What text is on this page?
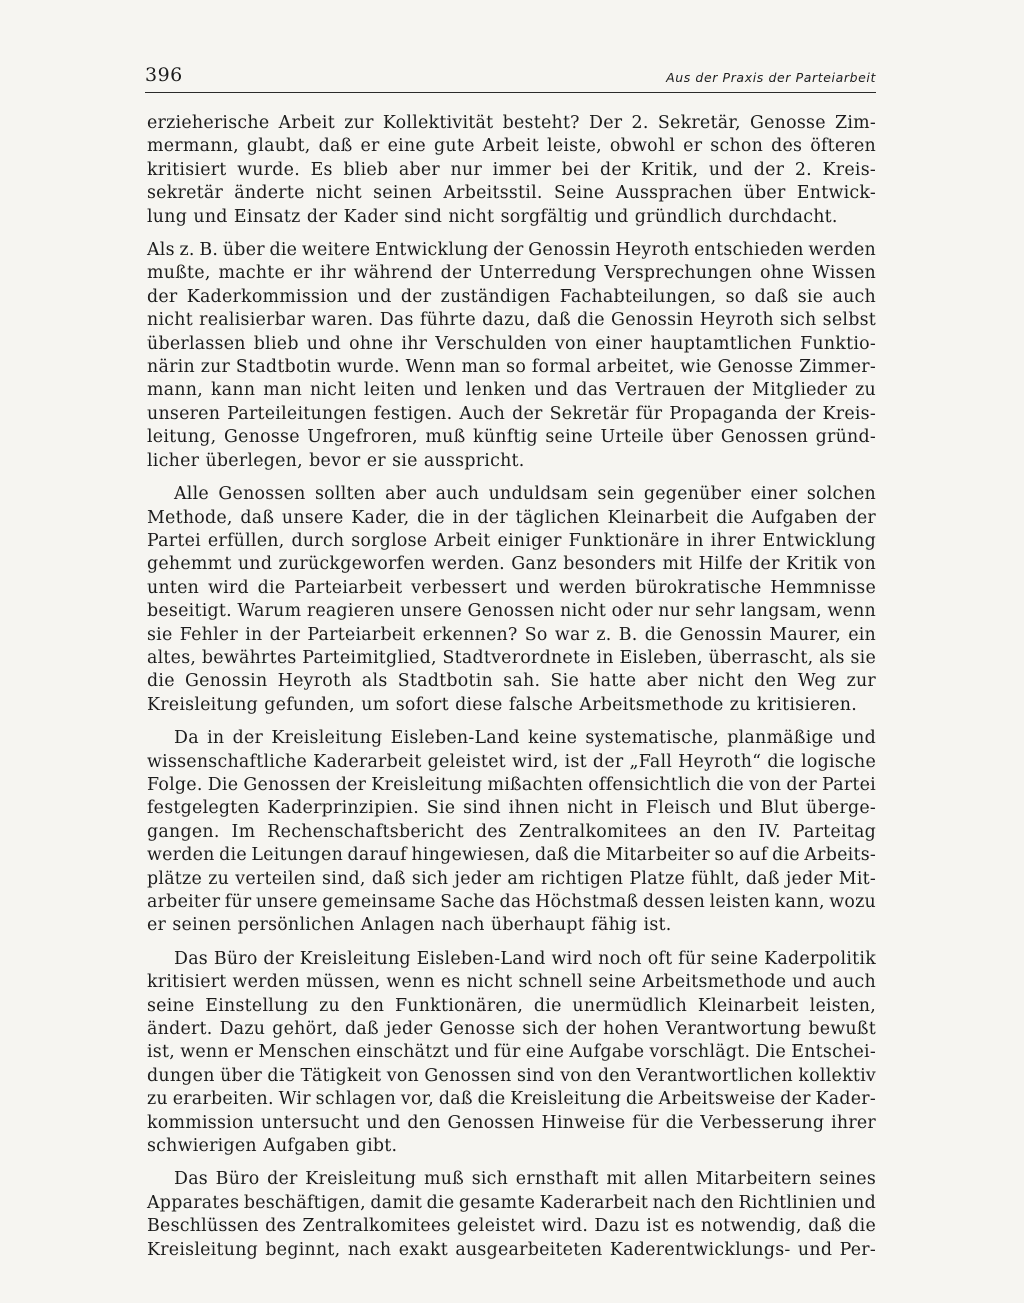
396	Aus der Praxis der Parteiarbeit
erzieherische Arbeit zur Kollektivität besteht? Der 2. Sekretär, Genosse Zim-
mermann, glaubt, daß er eine gute Arbeit leiste, obwohl er schon des öfteren
kritisiert wurde. Es blieb aber nur immer bei der Kritik, und der 2. Kreis-
sekretär änderte nicht seinen Arbeitsstil. Seine Aussprachen über Entwick-
lung und Einsatz der Kader sind nicht sorgfältig und gründlich durchdacht.
Als z. B. über die weitere Entwicklung der Genossin Heyroth entschieden werden
mußte, machte er ihr während der Unterredung Versprechungen ohne Wissen
der Kaderkommission und der zuständigen Fachabteilungen, so daß sie auch
nicht realisierbar waren. Das führte dazu, daß die Genossin Heyroth sich selbst
überlassen blieb und ohne ihr Verschulden von einer hauptamtlichen Funktio-
närin zur Stadtbotin wurde. Wenn man so formal arbeitet, wie Genosse Zimmer-
mann, kann man nicht leiten und lenken und das Vertrauen der Mitglieder zu
unseren Parteileitungen festigen. Auch der Sekretär für Propaganda der Kreis-
leitung, Genosse Ungefroren, muß künftig seine Urteile über Genossen gründ-
licher überlegen, bevor er sie ausspricht.
Alle Genossen sollten aber auch unduldsam sein gegenüber einer solchen
Methode, daß unsere Kader, die in der täglichen Kleinarbeit die Aufgaben der
Partei erfüllen, durch sorglose Arbeit einiger Funktionäre in ihrer Entwicklung
gehemmt und zurückgeworfen werden. Ganz besonders mit Hilfe der Kritik von
unten wird die Parteiarbeit verbessert und werden bürokratische Hemmnisse
beseitigt. Warum reagieren unsere Genossen nicht oder nur sehr langsam, wenn
sie Fehler in der Parteiarbeit erkennen? So war z. B. die Genossin Maurer, ein
altes, bewährtes Parteimitglied, Stadtverordnete in Eisleben, überrascht, als sie
die Genossin Heyroth als Stadtbotin sah. Sie hatte aber nicht den Weg zur
Kreisleitung gefunden, um sofort diese falsche Arbeitsmethode zu kritisieren.
Da in der Kreisleitung Eisleben-Land keine systematische, planmäßige und
wissenschaftliche Kaderarbeit geleistet wird, ist der „Fall Heyroth“ die logische
Folge. Die Genossen der Kreisleitung mißachten offensichtlich die von der Partei
festgelegten Kaderprinzipien. Sie sind ihnen nicht in Fleisch und Blut überge-
gangen. Im Rechenschaftsbericht des Zentralkomitees an den IV. Parteitag
werden die Leitungen darauf hingewiesen, daß die Mitarbeiter so auf die Arbeits-
plätze zu verteilen sind, daß sich jeder am richtigen Platze fühlt, daß jeder Mit-
arbeiter für unsere gemeinsame Sache das Höchstmaß dessen leisten kann, wozu
er seinen persönlichen Anlagen nach überhaupt fähig ist.
Das Büro der Kreisleitung Eisleben-Land wird noch oft für seine Kaderpolitik
kritisiert werden müssen, wenn es nicht schnell seine Arbeitsmethode und auch
seine Einstellung zu den Funktionären, die unermüdlich Kleinarbeit leisten,
ändert. Dazu gehört, daß jeder Genosse sich der hohen Verantwortung bewußt
ist, wenn er Menschen einschätzt und für eine Aufgabe vorschlägt. Die Entschei-
dungen über die Tätigkeit von Genossen sind von den Verantwortlichen kollektiv
zu erarbeiten. Wir schlagen vor, daß die Kreisleitung die Arbeitsweise der Kader-
kommission untersucht und den Genossen Hinweise für die Verbesserung ihrer
schwierigen Aufgaben gibt.
Das Büro der Kreisleitung muß sich ernsthaft mit allen Mitarbeitern seines
Apparates beschäftigen, damit die gesamte Kaderarbeit nach den Richtlinien und
Beschlüssen des Zentralkomitees geleistet wird. Dazu ist es notwendig, daß die
Kreisleitung beginnt, nach exakt ausgearbeiteten Kaderentwicklungs- und Per-
